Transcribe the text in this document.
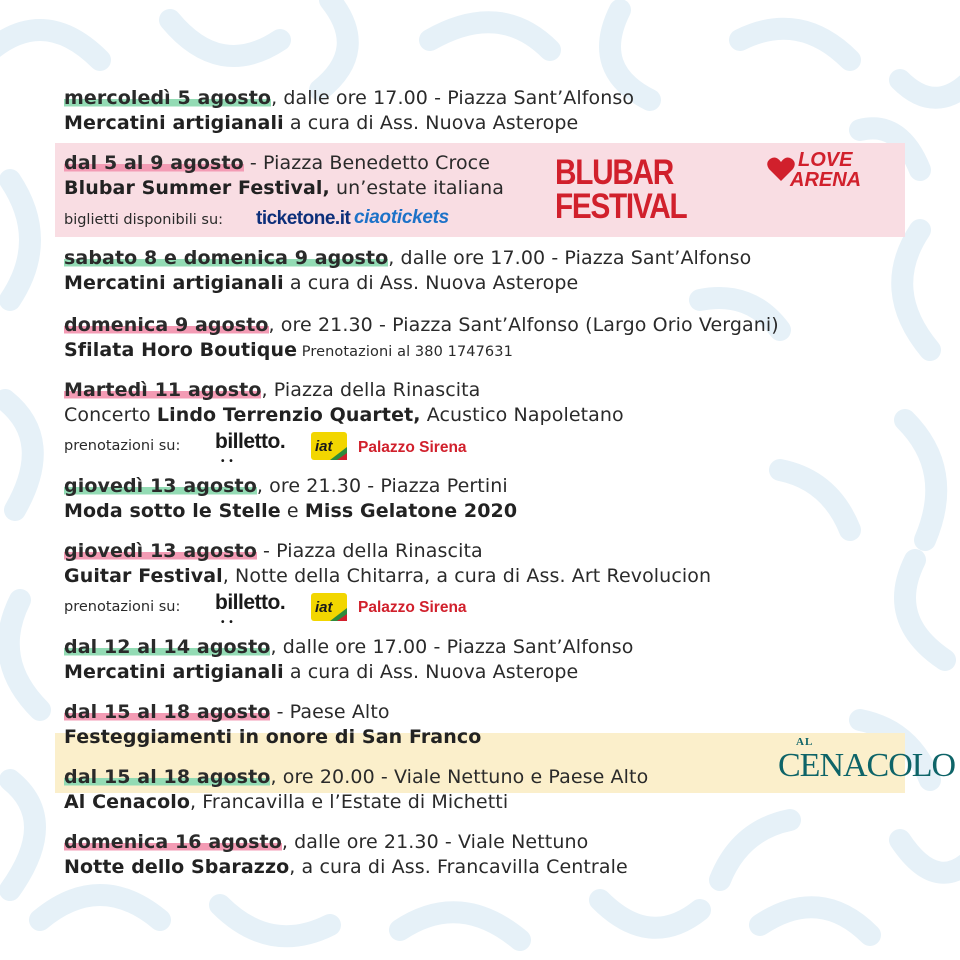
mercoledì 5 agosto, dalle ore 17.00 - Piazza Sant’Alfonso
Mercatini artigianali a cura di Ass. Nuova Asterope
dal 5 al 9 agosto - Piazza Benedetto Croce
Blubar Summer Festival, un’estate italiana
biglietti disponibili su: ticketone.it ciaotickets
BLUBAR
FESTIVAL
LOVE
ARENA
sabato 8 e domenica 9 agosto, dalle ore 17.00 - Piazza Sant’Alfonso
Mercatini artigianali a cura di Ass. Nuova Asterope
domenica 9 agosto, ore 21.30 - Piazza Sant’Alfonso (Largo Orio Vergani)
Sfilata Horo Boutique Prenotazioni al 380 1747631
Martedì 11 agosto, Piazza della Rinascita
Concerto Lindo Terrenzio Quartet, Acustico Napoletano
prenotazioni su: billetto.
• •
iat Palazzo Sirena
giovedì 13 agosto, ore 21.30 - Piazza Pertini
Moda sotto le Stelle e Miss Gelatone 2020
giovedì 13 agosto - Piazza della Rinascita
Guitar Festival, Notte della Chitarra, a cura di Ass. Art Revolucion
prenotazioni su: billetto.
• •
iat Palazzo Sirena
dal 12 al 14 agosto, dalle ore 17.00 - Piazza Sant’Alfonso
Mercatini artigianali a cura di Ass. Nuova Asterope
dal 15 al 18 agosto - Paese Alto
Festeggiamenti in onore di San Franco
dal 15 al 18 agosto, ore 20.00 - Viale Nettuno e Paese Alto
Al Cenacolo, Francavilla e l’Estate di Michetti
AL
CENACOLO
domenica 16 agosto, dalle ore 21.30 - Viale Nettuno
Notte dello Sbarazzo, a cura di Ass. Francavilla Centrale
